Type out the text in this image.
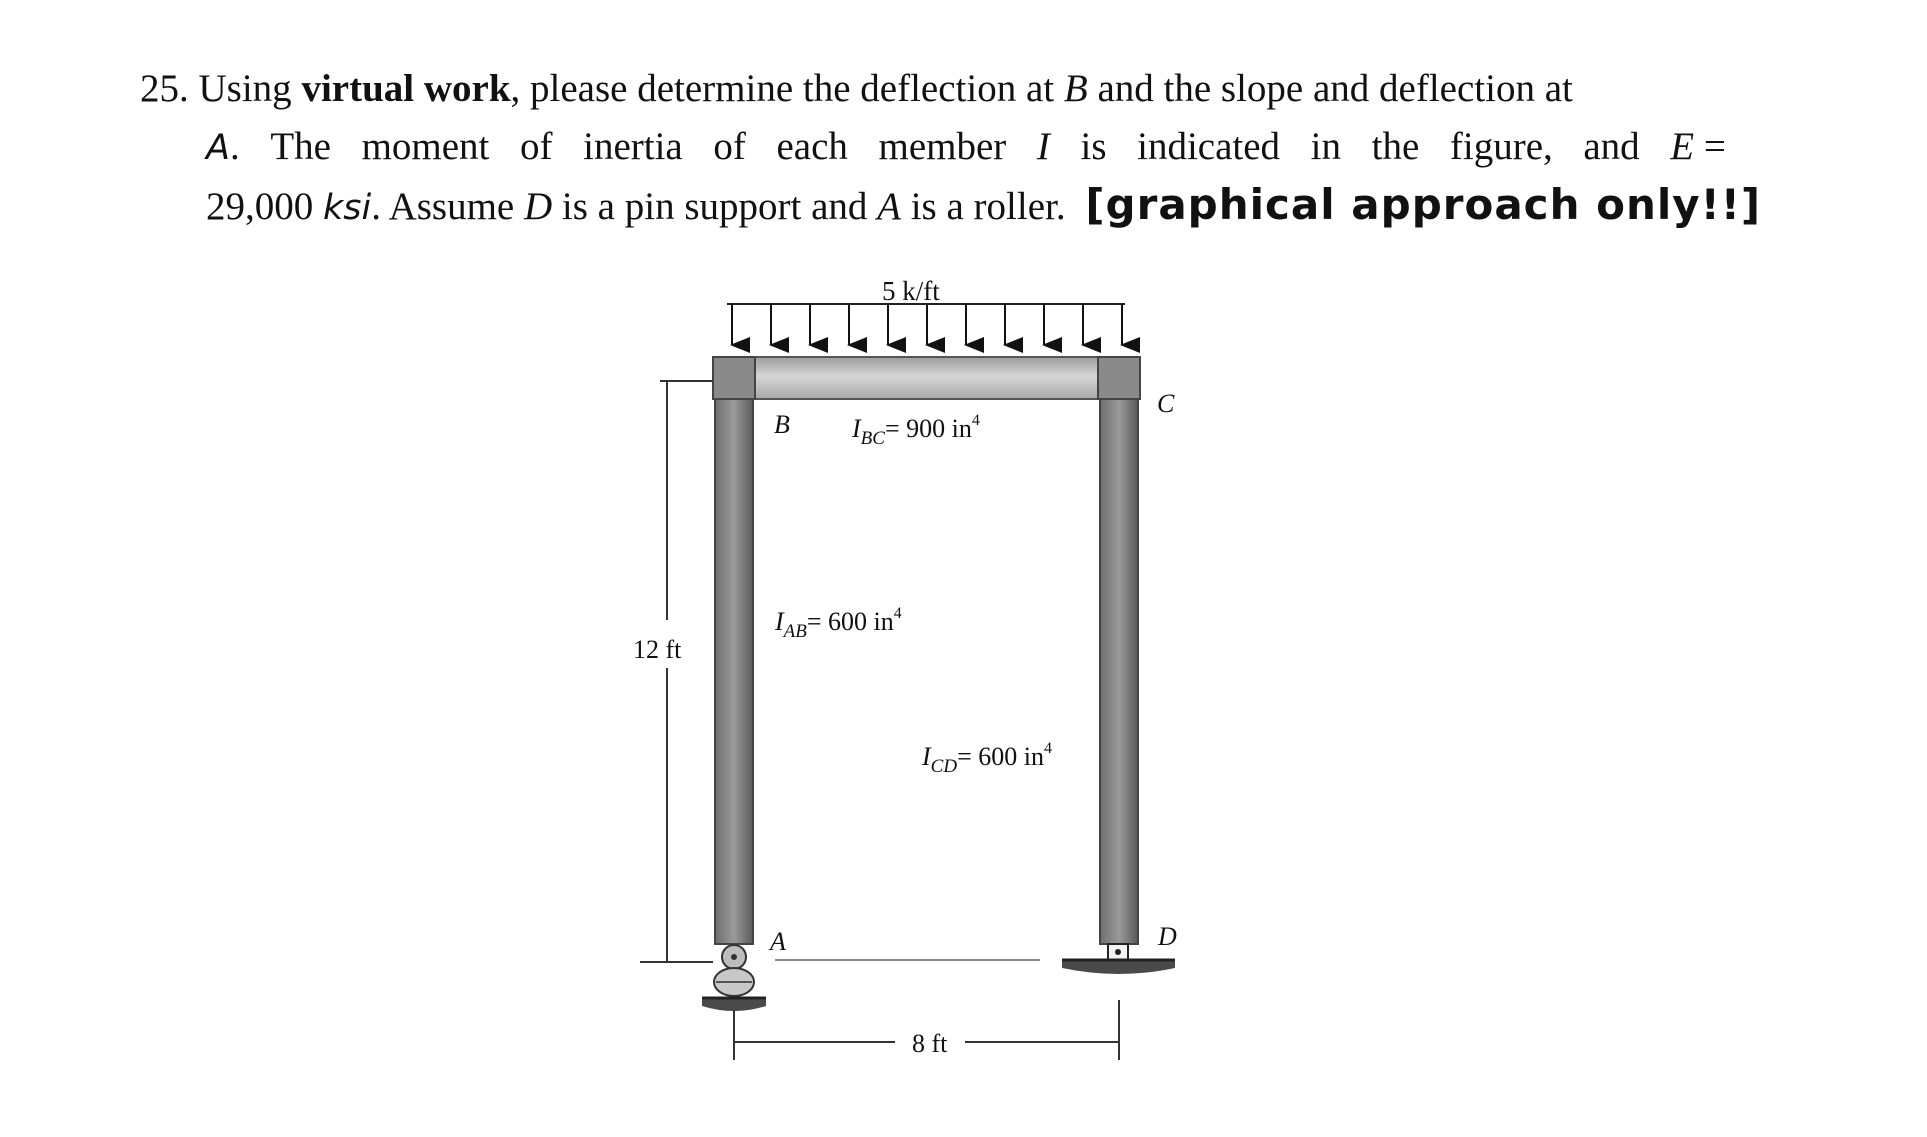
25. Using virtual work, please determine the deflection at B and the slope and deflection at
A. The moment of inertia of each member I is indicated in the figure, and E =
29,000 ksi. Assume D is a pin support and A is a roller. [graphical approach only!!]
5 k/ft
12 ft
8 ft
B
C
A	D
$I_{BC}= 900$ $in^4$
$I_{AB}= 600$ $in^4$
$I_{CD}= 600$ $in^4$
